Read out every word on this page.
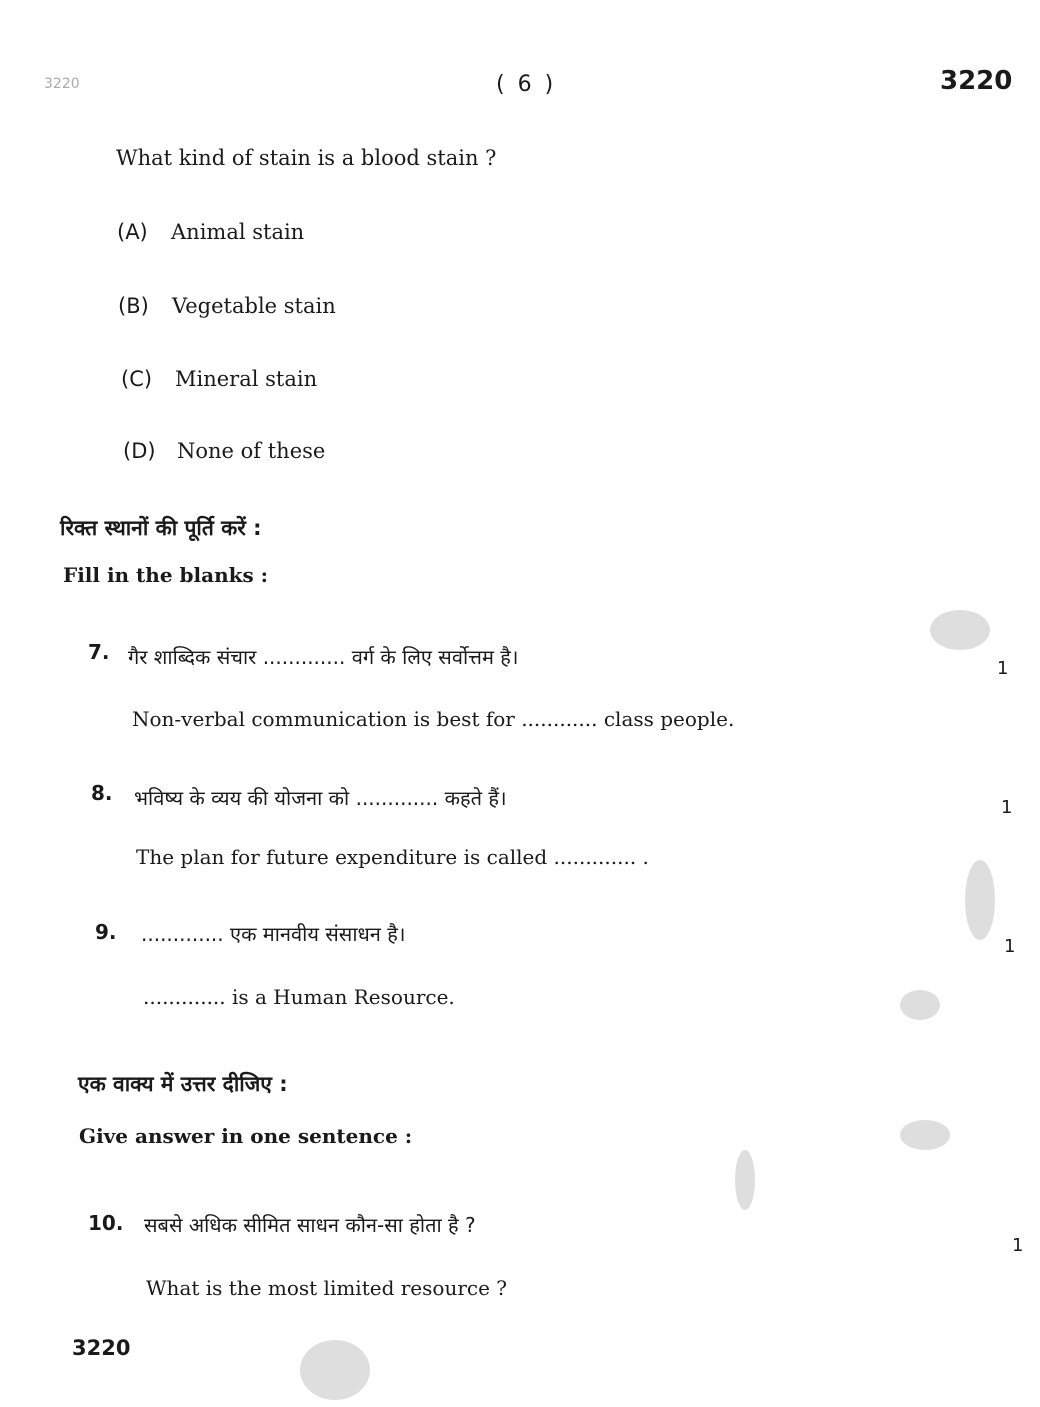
3220	( 6 )	3220
What kind of stain is a blood stain ?
(A) Animal stain
(B) Vegetable stain
(C) Mineral stain
(D) None of these
रिक्त स्थानों की पूर्ति करें :
Fill in the blanks :
7. गैर शाब्दिक संचार ............. वर्ग के लिए सर्वोत्तम है।	1
Non-verbal communication is best for ............ class people.
8. भविष्य के व्यय की योजना को ............. कहते हैं।	1
The plan for future expenditure is called ............. .
9. ............. एक मानवीय संसाधन है।
1
............. is a Human Resource.
एक वाक्य में उत्तर दीजिए :
Give answer in one sentence :
10. सबसे अधिक सीमित साधन कौन-सा होता है ?
1
What is the most limited resource ?
3220
